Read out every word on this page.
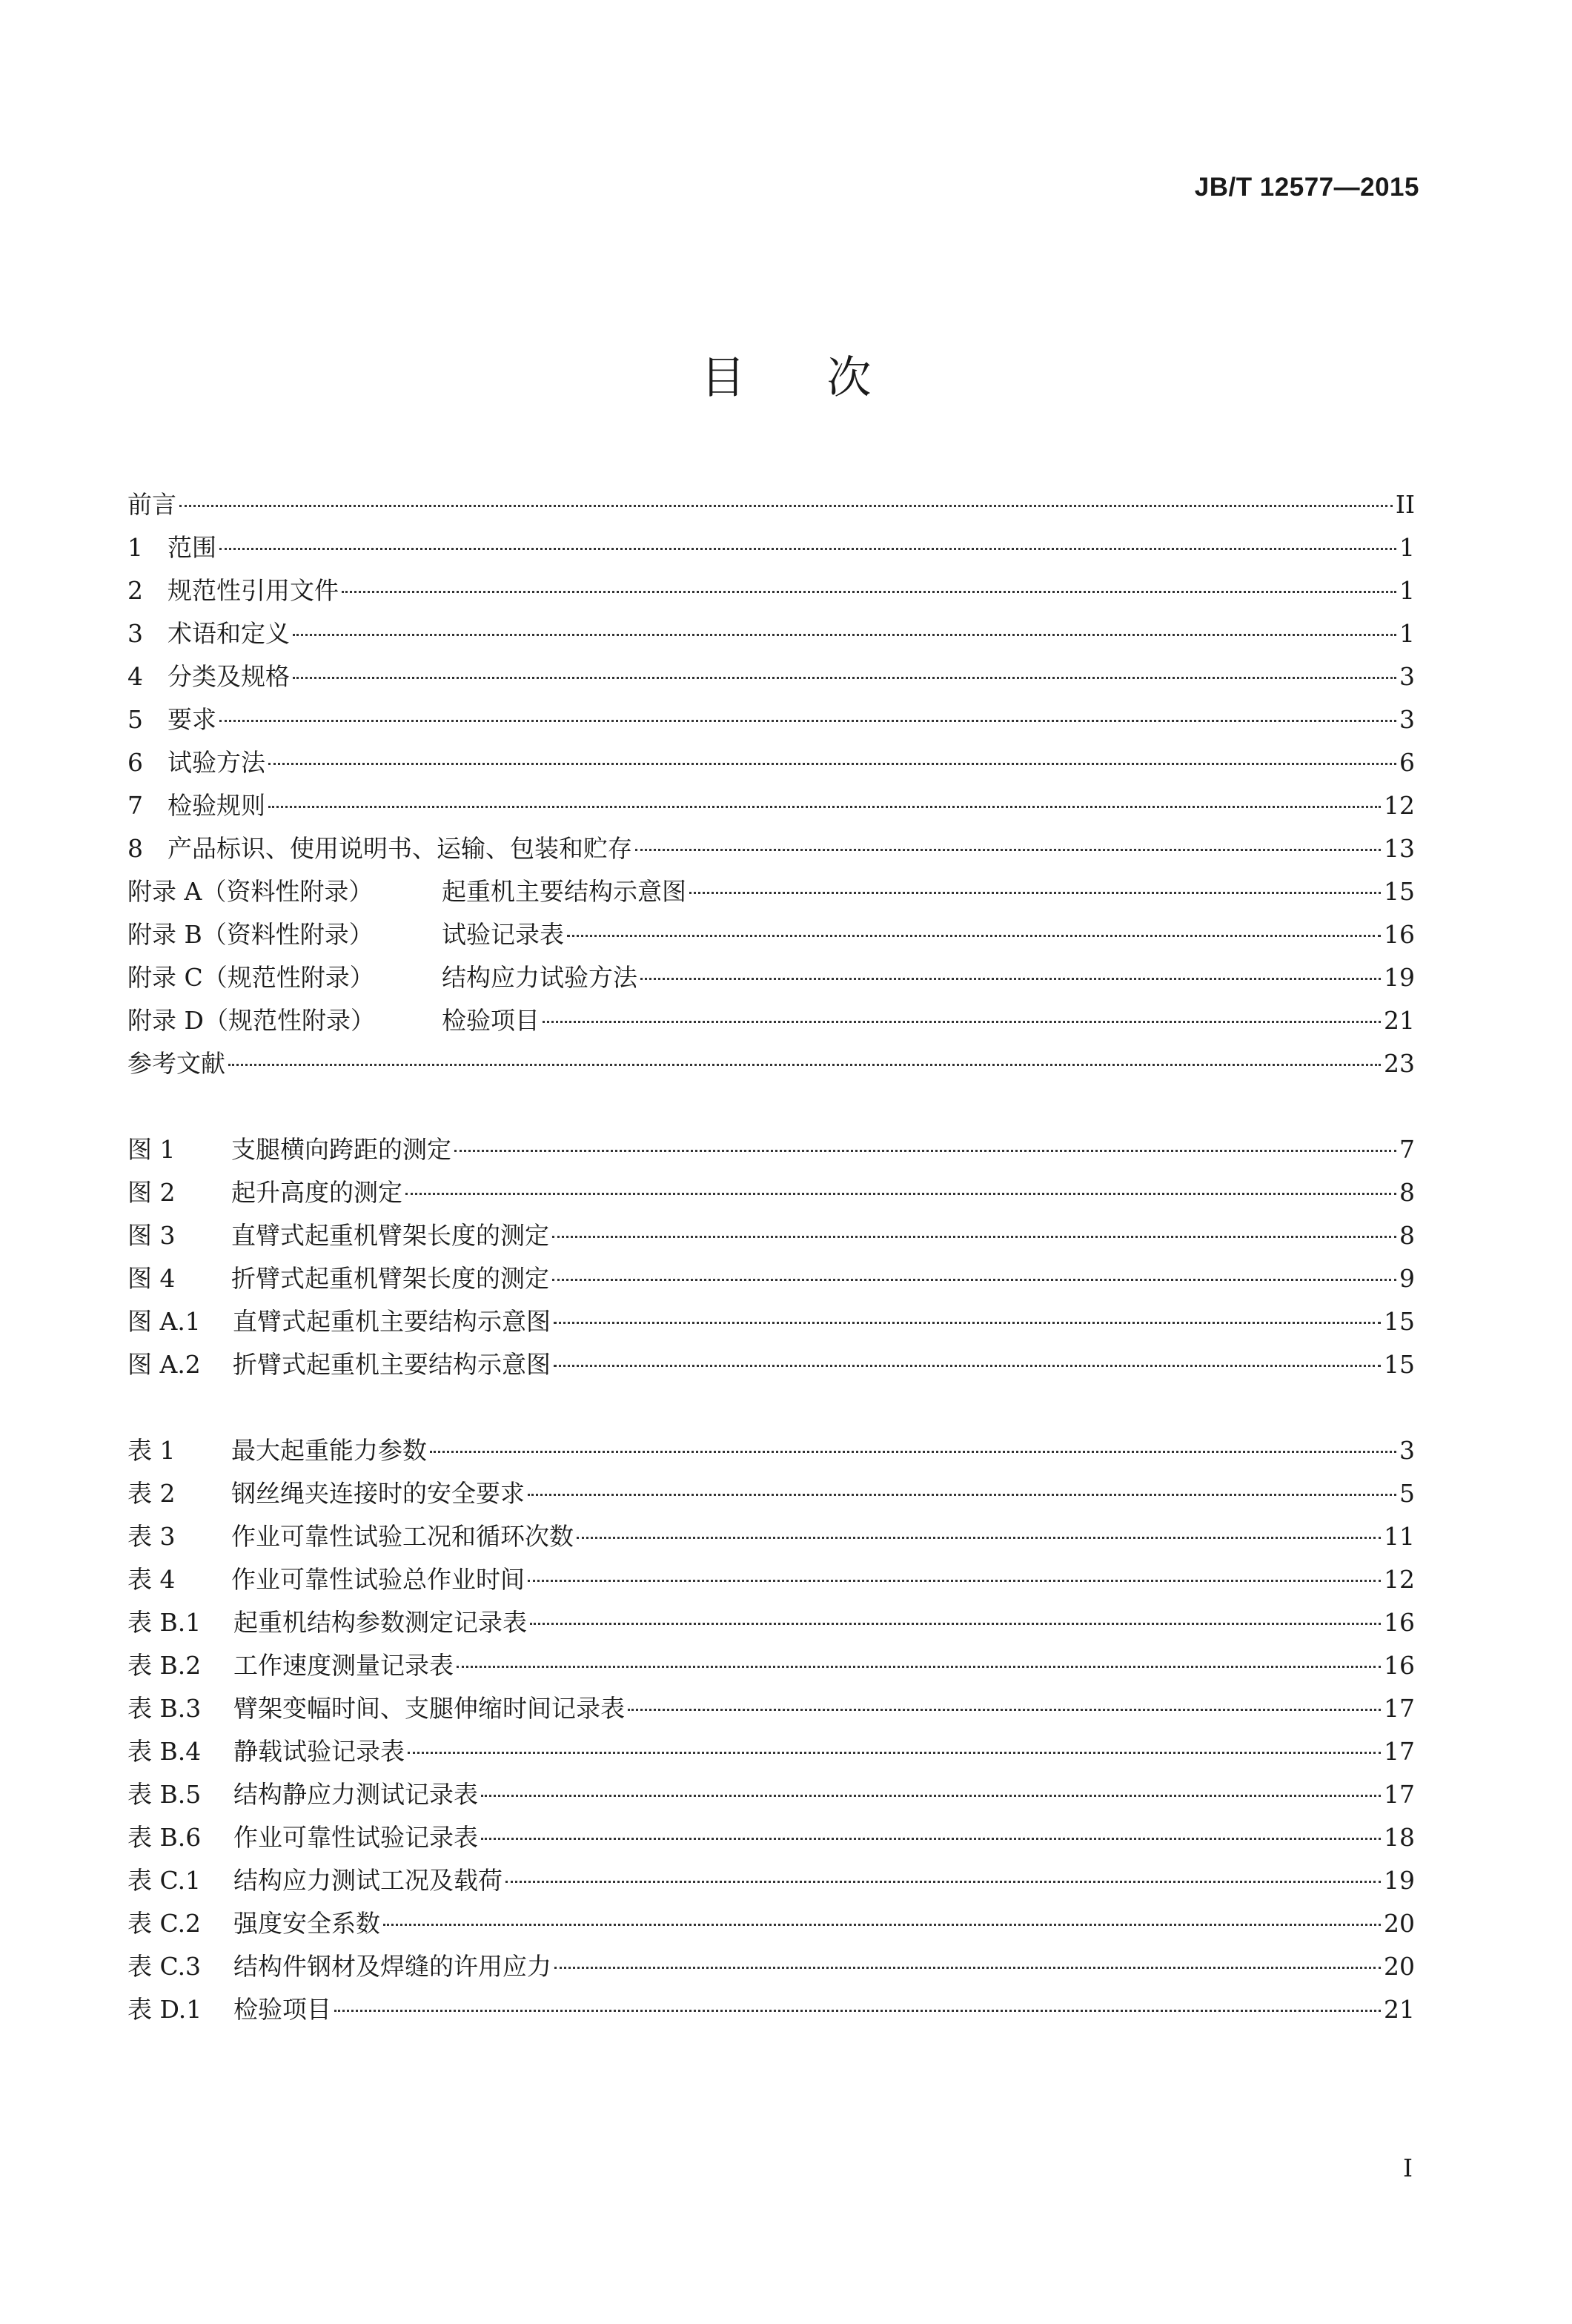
JB/T 12577—2015
目 次
前言	II
1	范围	1
2	规范性引用文件	1
3	术语和定义	1
4	分类及规格	3
5	要求	3
6	试验方法	6
7	检验规则	12
8	产品标识、使用说明书、运输、包装和贮存	13
附录 A（资料性附录）	起重机主要结构示意图	15
附录 B（资料性附录）	试验记录表	16
附录 C（规范性附录）	结构应力试验方法	19
附录 D（规范性附录）	检验项目	21
参考文献	23
图 1	支腿横向跨距的测定	7
图 2	起升高度的测定	8
图 3	直臂式起重机臂架长度的测定	8
图 4	折臂式起重机臂架长度的测定	9
图 A.1	直臂式起重机主要结构示意图	15
图 A.2	折臂式起重机主要结构示意图	15
表 1	最大起重能力参数	3
表 2	钢丝绳夹连接时的安全要求	5
表 3	作业可靠性试验工况和循环次数	11
表 4	作业可靠性试验总作业时间	12
表 B.1	起重机结构参数测定记录表	16
表 B.2	工作速度测量记录表	16
表 B.3	臂架变幅时间、支腿伸缩时间记录表	17
表 B.4	静载试验记录表	17
表 B.5	结构静应力测试记录表	17
表 B.6	作业可靠性试验记录表	18
表 C.1	结构应力测试工况及载荷	19
表 C.2	强度安全系数	20
表 C.3	结构件钢材及焊缝的许用应力	20
表 D.1	检验项目	21
I
